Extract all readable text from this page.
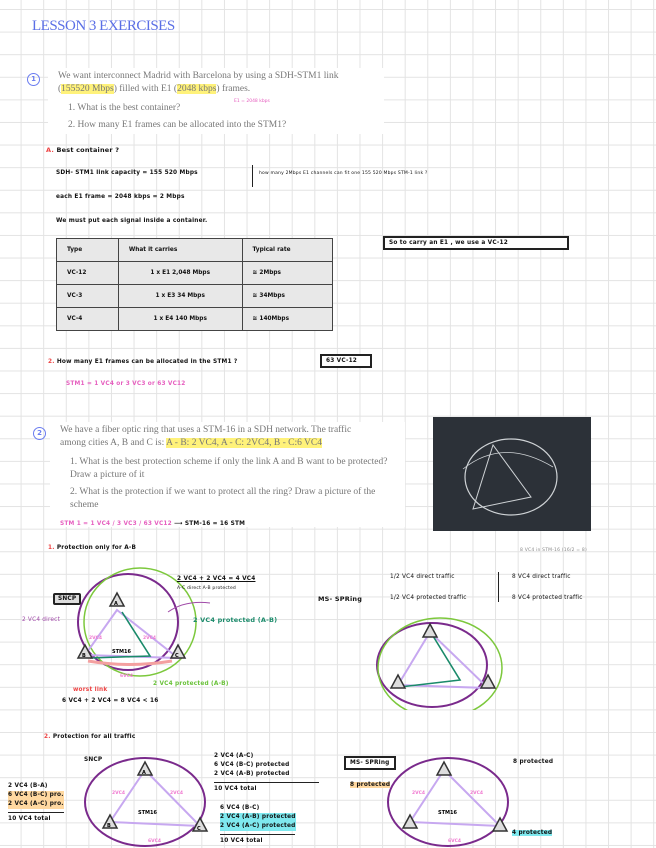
LESSON 3 EXERCISES
1	We want interconnect Madrid with Barcelona by using a SDH-STM1 link
(155520 Mbps) filled with E1 (2048 kbps) frames.
E1 = 2048 kbps
1. What is the best container?
2. How many E1 frames can be allocated into the STM1?
A. Best container ?
SDH- STM1 link capacity = 155 520 Mbps	how many 2Mbps E1 channels can fit one 155 520 Mbps STM-1 link ?
each E1 frame = 2048 kbps = 2 Mbps
We must put each signal inside a container.
Type	What it carries	Typical rate
VC-12	1 x E1 2,048 Mbps	≅ 2Mbps
VC-3	1 x E3 34 Mbps	≅ 34Mbps
VC-4	1 x E4 140 Mbps	≅ 140Mbps
So to carry an E1 , we use a VC-12
2. How many E1 frames can be allocated in the STM1 ?	63 VC-12
STM1 = 1 VC4 or 3 VC3 or 63 VC12
2	We have a fiber optic ring that uses a STM-16 in a SDH network. The traffic
among cities A, B and C is: A - B: 2 VC4, A - C: 2VC4, B - C:6 VC4
1. What is the best protection scheme if only the link A and B want to be protected? Draw a picture of it
2. What is the protection if we want to protect all the ring? Draw a picture of the scheme
STM 1 = 1 VC4 / 3 VC3 / 63 VC12 ⟶ STM-16 = 16 STM
1. Protection only for A-B
A
B	C
2VC4	2VC4
6VC4
STM16
SNCP
2 VC4 + 2 VC4 = 4 VC4
A-C direct A-B protected
2 VC4 direct	2 VC4 protected (A-B)
2 VC4 protected (A-B)
worst link
6 VC4 + 2 VC4 = 8 VC4 < 16
MS- SPRing
1/2 VC4 direct traffic
1/2 VC4 protected traffic
8 VC4 direct traffic
8 VC4 protected traffic
8 VC4 in STM-16 (16/2 = 8)
2. Protection for all traffic
A
B	C
2VC4	2VC4
6VC4
STM16
2VC4	2VC4
6VC4
STM16
SNCP
2 VC4 (B-A)
6 VC4 (B-C) pro.
2 VC4 (A-C) pro.
10 VC4 total
2 VC4 (A-C)
6 VC4 (B-C) protected
2 VC4 (A-B) protected
10 VC4 total
6 VC4 (B-C)
2 VC4 (A-B) protected
2 VC4 (A-C) protected
10 VC4 total
MS- SPRing
8 protected
8 protected
4 protected
